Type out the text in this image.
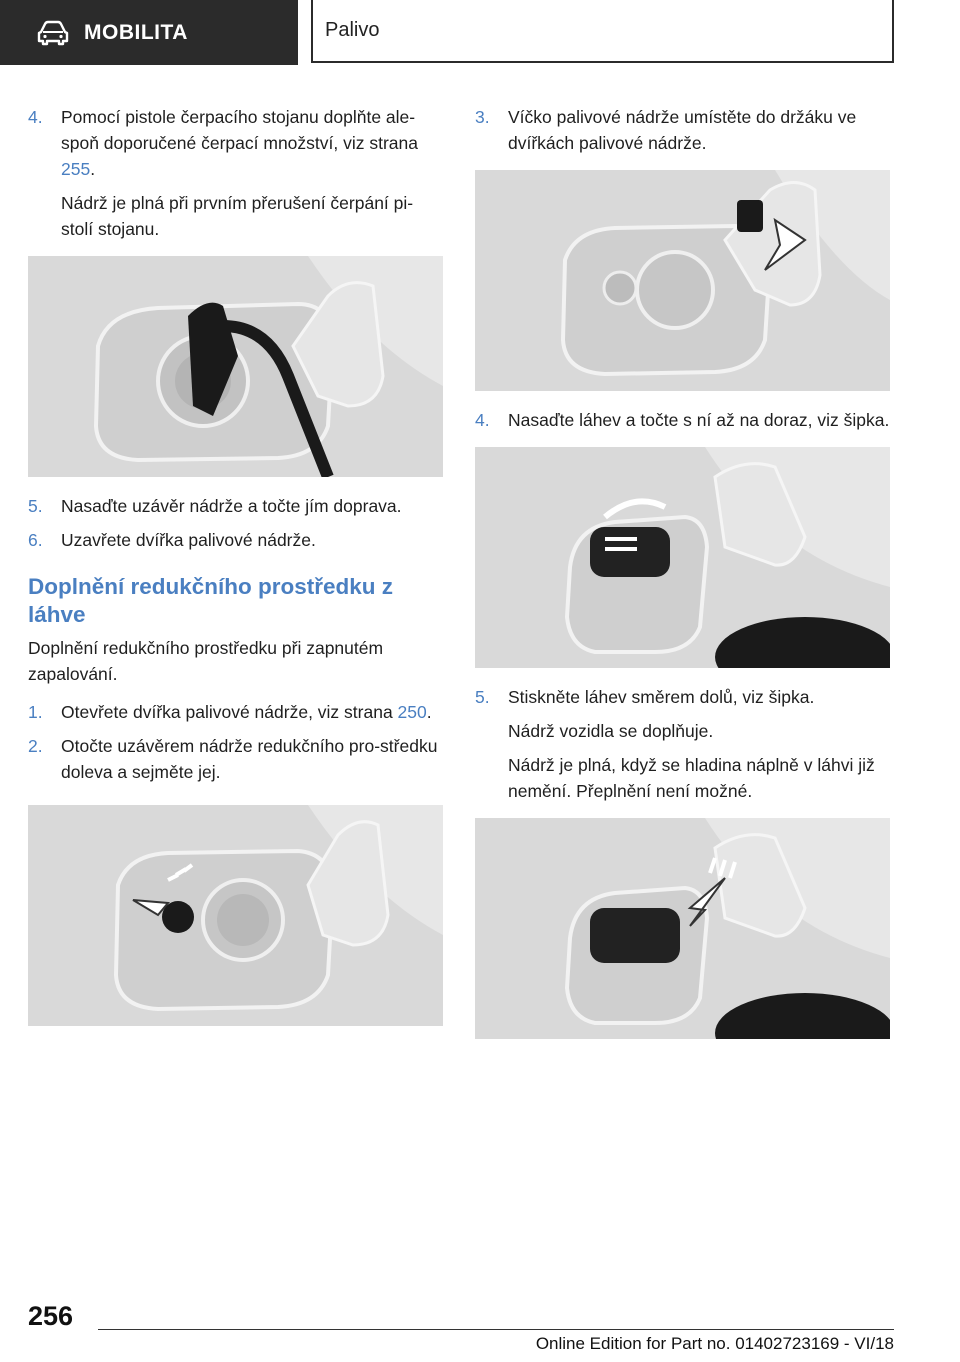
MOBILITA	Palivo
4.	Pomocí pistole čerpacího stojanu doplňte ale-spoň doporučené čerpací množství, viz strana 255.

Nádrž je plná při prvním přerušení čerpání pi-stolí stojanu.

5.	Nasaďte uzávěr nádrže a točte jím doprava.

6.	Uzavřete dvířka palivové nádrže.

Doplnění redukčního prostředku z láhve

Doplnění redukčního prostředku při zapnutém zapalování.

1.	Otevřete dvířka palivové nádrže, viz strana 250.

2.	Otočte uzávěrem nádrže redukčního pro-středku doleva a sejměte jej.

3.	Víčko palivové nádrže umístěte do držáku ve dvířkách palivové nádrže.

4.	Nasaďte láhev a točte s ní až na doraz, viz šipka.

5.	Stiskněte láhev směrem dolů, viz šipka.

Nádrž vozidla se doplňuje.

Nádrž je plná, když se hladina náplně v láhvi již nemění. Přeplnění není možné.

256
Online Edition for Part no. 01402723169 - VI/18
